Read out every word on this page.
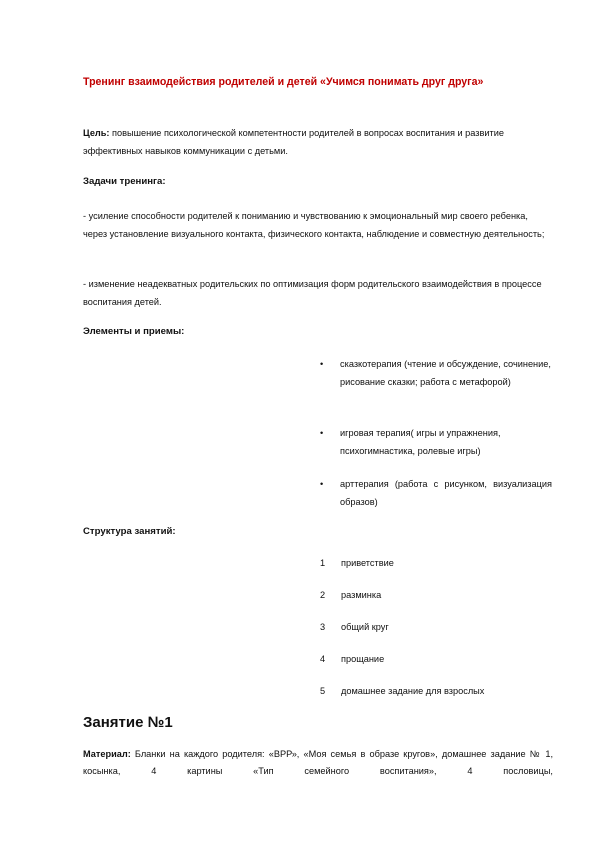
Тренинг взаимодействия родителей и детей «Учимся понимать друг друга»
Цель: повышение психологической компетентности родителей в вопросах воспитания и развитие эффективных навыков коммуникации с детьми.
Задачи тренинга:
- усиление способности родителей к пониманию и чувствованию к эмоциональный мир своего ребенка, через установление визуального контакта, физического контакта, наблюдение и совместную деятельность;
- изменение неадекватных родительских по оптимизация форм родительского взаимодействия в процессе воспитания детей.
Элементы и приемы:
• сказкотерапия (чтение и обсуждение, сочинение, рисование сказки; работа с метафорой)
• игровая терапия( игры и упражнения, психогимнастика, ролевые игры)
• арттерапия (работа с рисунком, визуализация образов)
Структура занятий:
1 приветствие
2 разминка
3 общий круг
4 прощание
5 домашнее задание для взрослых
Занятие №1
Материал: Бланки на каждого родителя: «ВРР», «Моя семья в образе кругов», домашнее задание № 1, косынка, 4 картины «Тип семейного воспитания», 4 пословицы,
